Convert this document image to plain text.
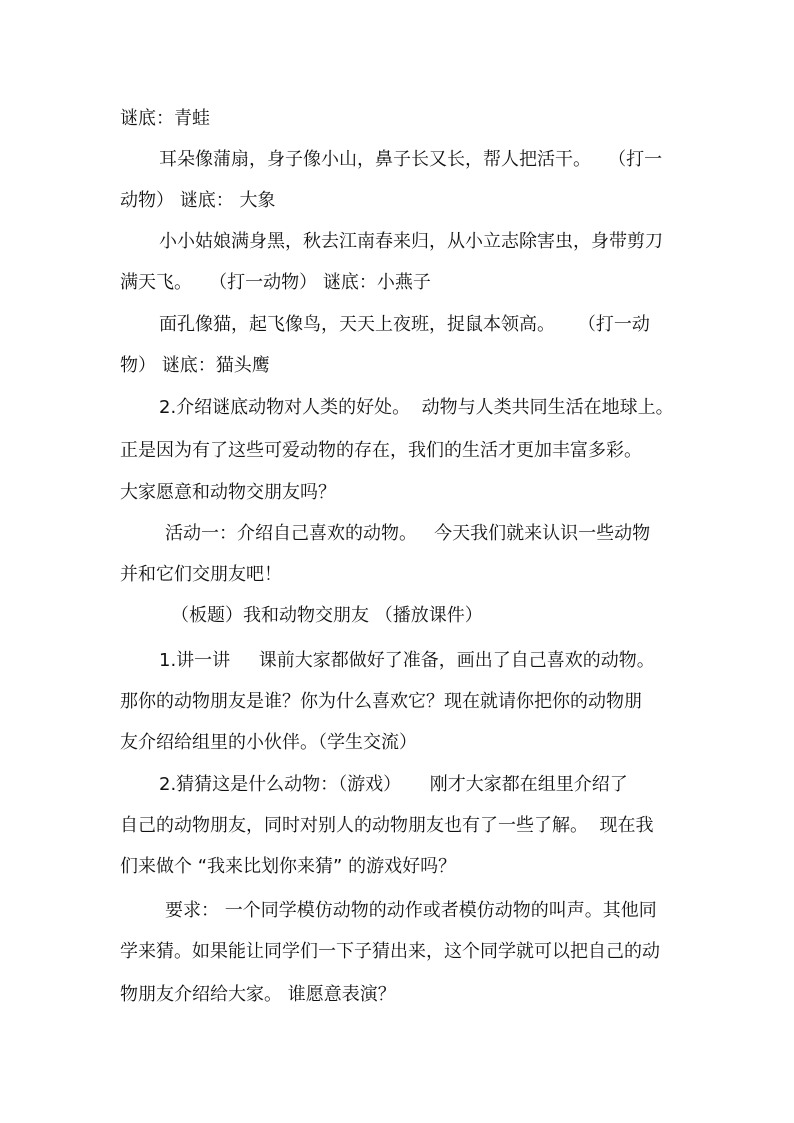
谜底：青蛙
耳朵像蒲扇，身子像小山，鼻子长又长，帮人把活干。   （打一
动物） 谜底： 大象
小小姑娘满身黑，秋去江南春来归，从小立志除害虫，身带剪刀
满天飞。   （打一动物） 谜底：小燕子
面孔像猫，起飞像鸟，天天上夜班，捉鼠本领高。    （打一动
物） 谜底：猫头鹰
2.介绍谜底动物对人类的好处。  动物与人类共同生活在地球上。
正是因为有了这些可爱动物的存在，我们的生活才更加丰富多彩。
大家愿意和动物交朋友吗？
活动一：介绍自己喜欢的动物。   今天我们就来认识一些动物
并和它们交朋友吧！
（板题）我和动物交朋友 （播放课件）
1.讲一讲     课前大家都做好了准备，画出了自己喜欢的动物。
那你的动物朋友是谁？你为什么喜欢它？现在就请你把你的动物朋
友介绍给组里的小伙伴。（学生交流）
2.猜猜这是什么动物：（游戏）     刚才大家都在组里介绍了
自己的动物朋友，同时对别人的动物朋友也有了一些了解。  现在我
们来做个 “我来比划你来猜” 的游戏好吗？
要求： 一个同学模仿动物的动作或者模仿动物的叫声。其他同
学来猜。如果能让同学们一下子猜出来，这个同学就可以把自己的动
物朋友介绍给大家。 谁愿意表演？
